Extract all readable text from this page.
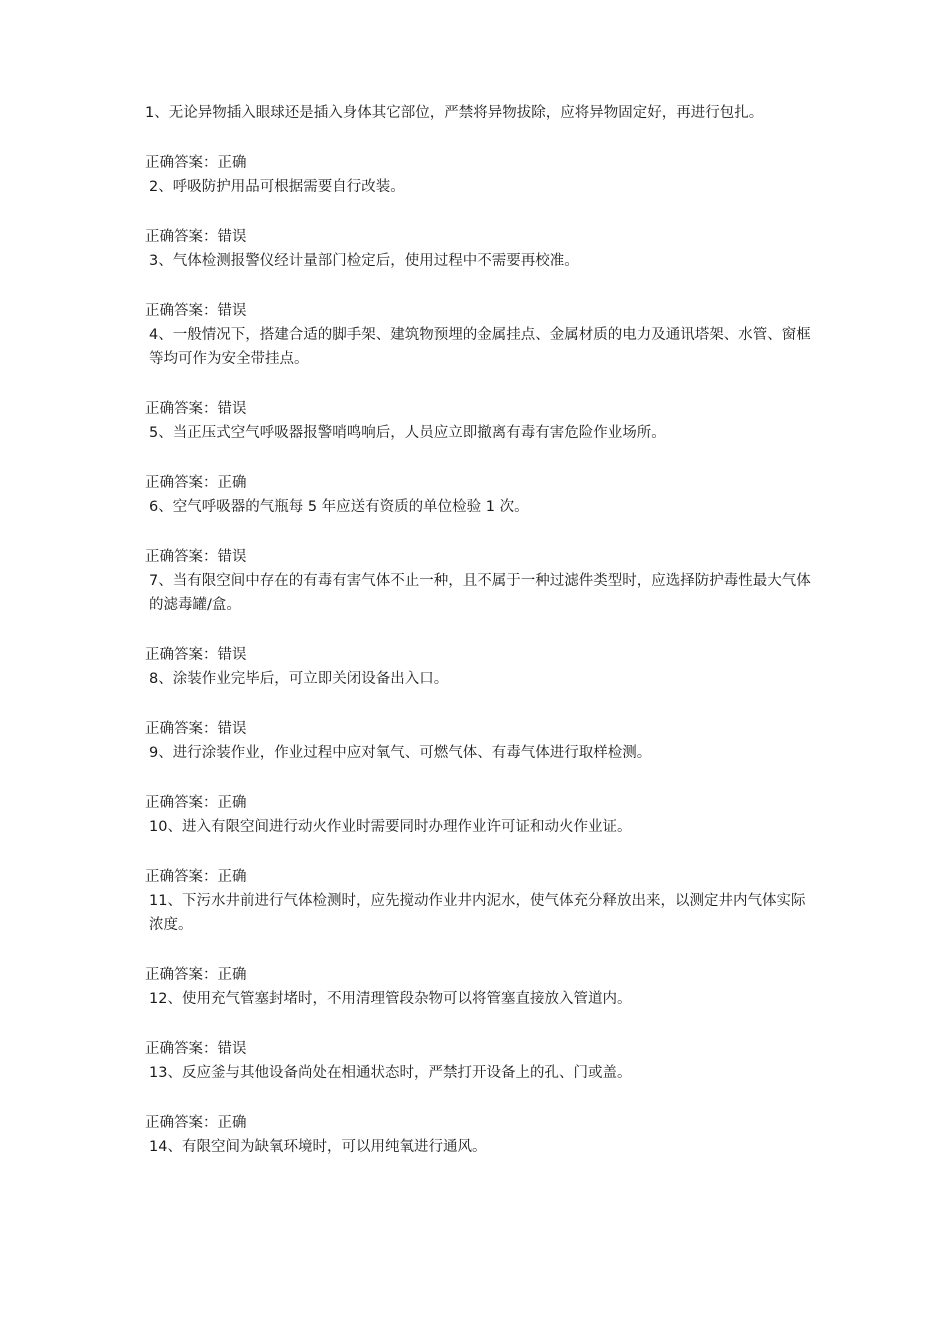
1、无论异物插入眼球还是插入身体其它部位，严禁将异物拔除，应将异物固定好，再进行包扎。

正确答案：正确

2、呼吸防护用品可根据需要自行改装。

正确答案：错误

3、气体检测报警仪经计量部门检定后，使用过程中不需要再校准。

正确答案：错误

4、一般情况下，搭建合适的脚手架、建筑物预埋的金属挂点、金属材质的电力及通讯塔架、水管、窗框等均可作为安全带挂点。

正确答案：错误

5、当正压式空气呼吸器报警哨鸣响后，人员应立即撤离有毒有害危险作业场所。

正确答案：正确

6、空气呼吸器的气瓶每 5 年应送有资质的单位检验 1 次。

正确答案：错误

7、当有限空间中存在的有毒有害气体不止一种，且不属于一种过滤件类型时，应选择防护毒性最大气体的滤毒罐/盒。

正确答案：错误

8、涂装作业完毕后，可立即关闭设备出入口。

正确答案：错误

9、进行涂装作业，作业过程中应对氧气、可燃气体、有毒气体进行取样检测。

正确答案：正确

10、进入有限空间进行动火作业时需要同时办理作业许可证和动火作业证。

正确答案：正确

11、下污水井前进行气体检测时，应先搅动作业井内泥水，使气体充分释放出来，以测定井内气体实际浓度。

正确答案：正确

12、使用充气管塞封堵时，不用清理管段杂物可以将管塞直接放入管道内。

正确答案：错误

13、反应釜与其他设备尚处在相通状态时，严禁打开设备上的孔、门或盖。

正确答案：正确

14、有限空间为缺氧环境时，可以用纯氧进行通风。
